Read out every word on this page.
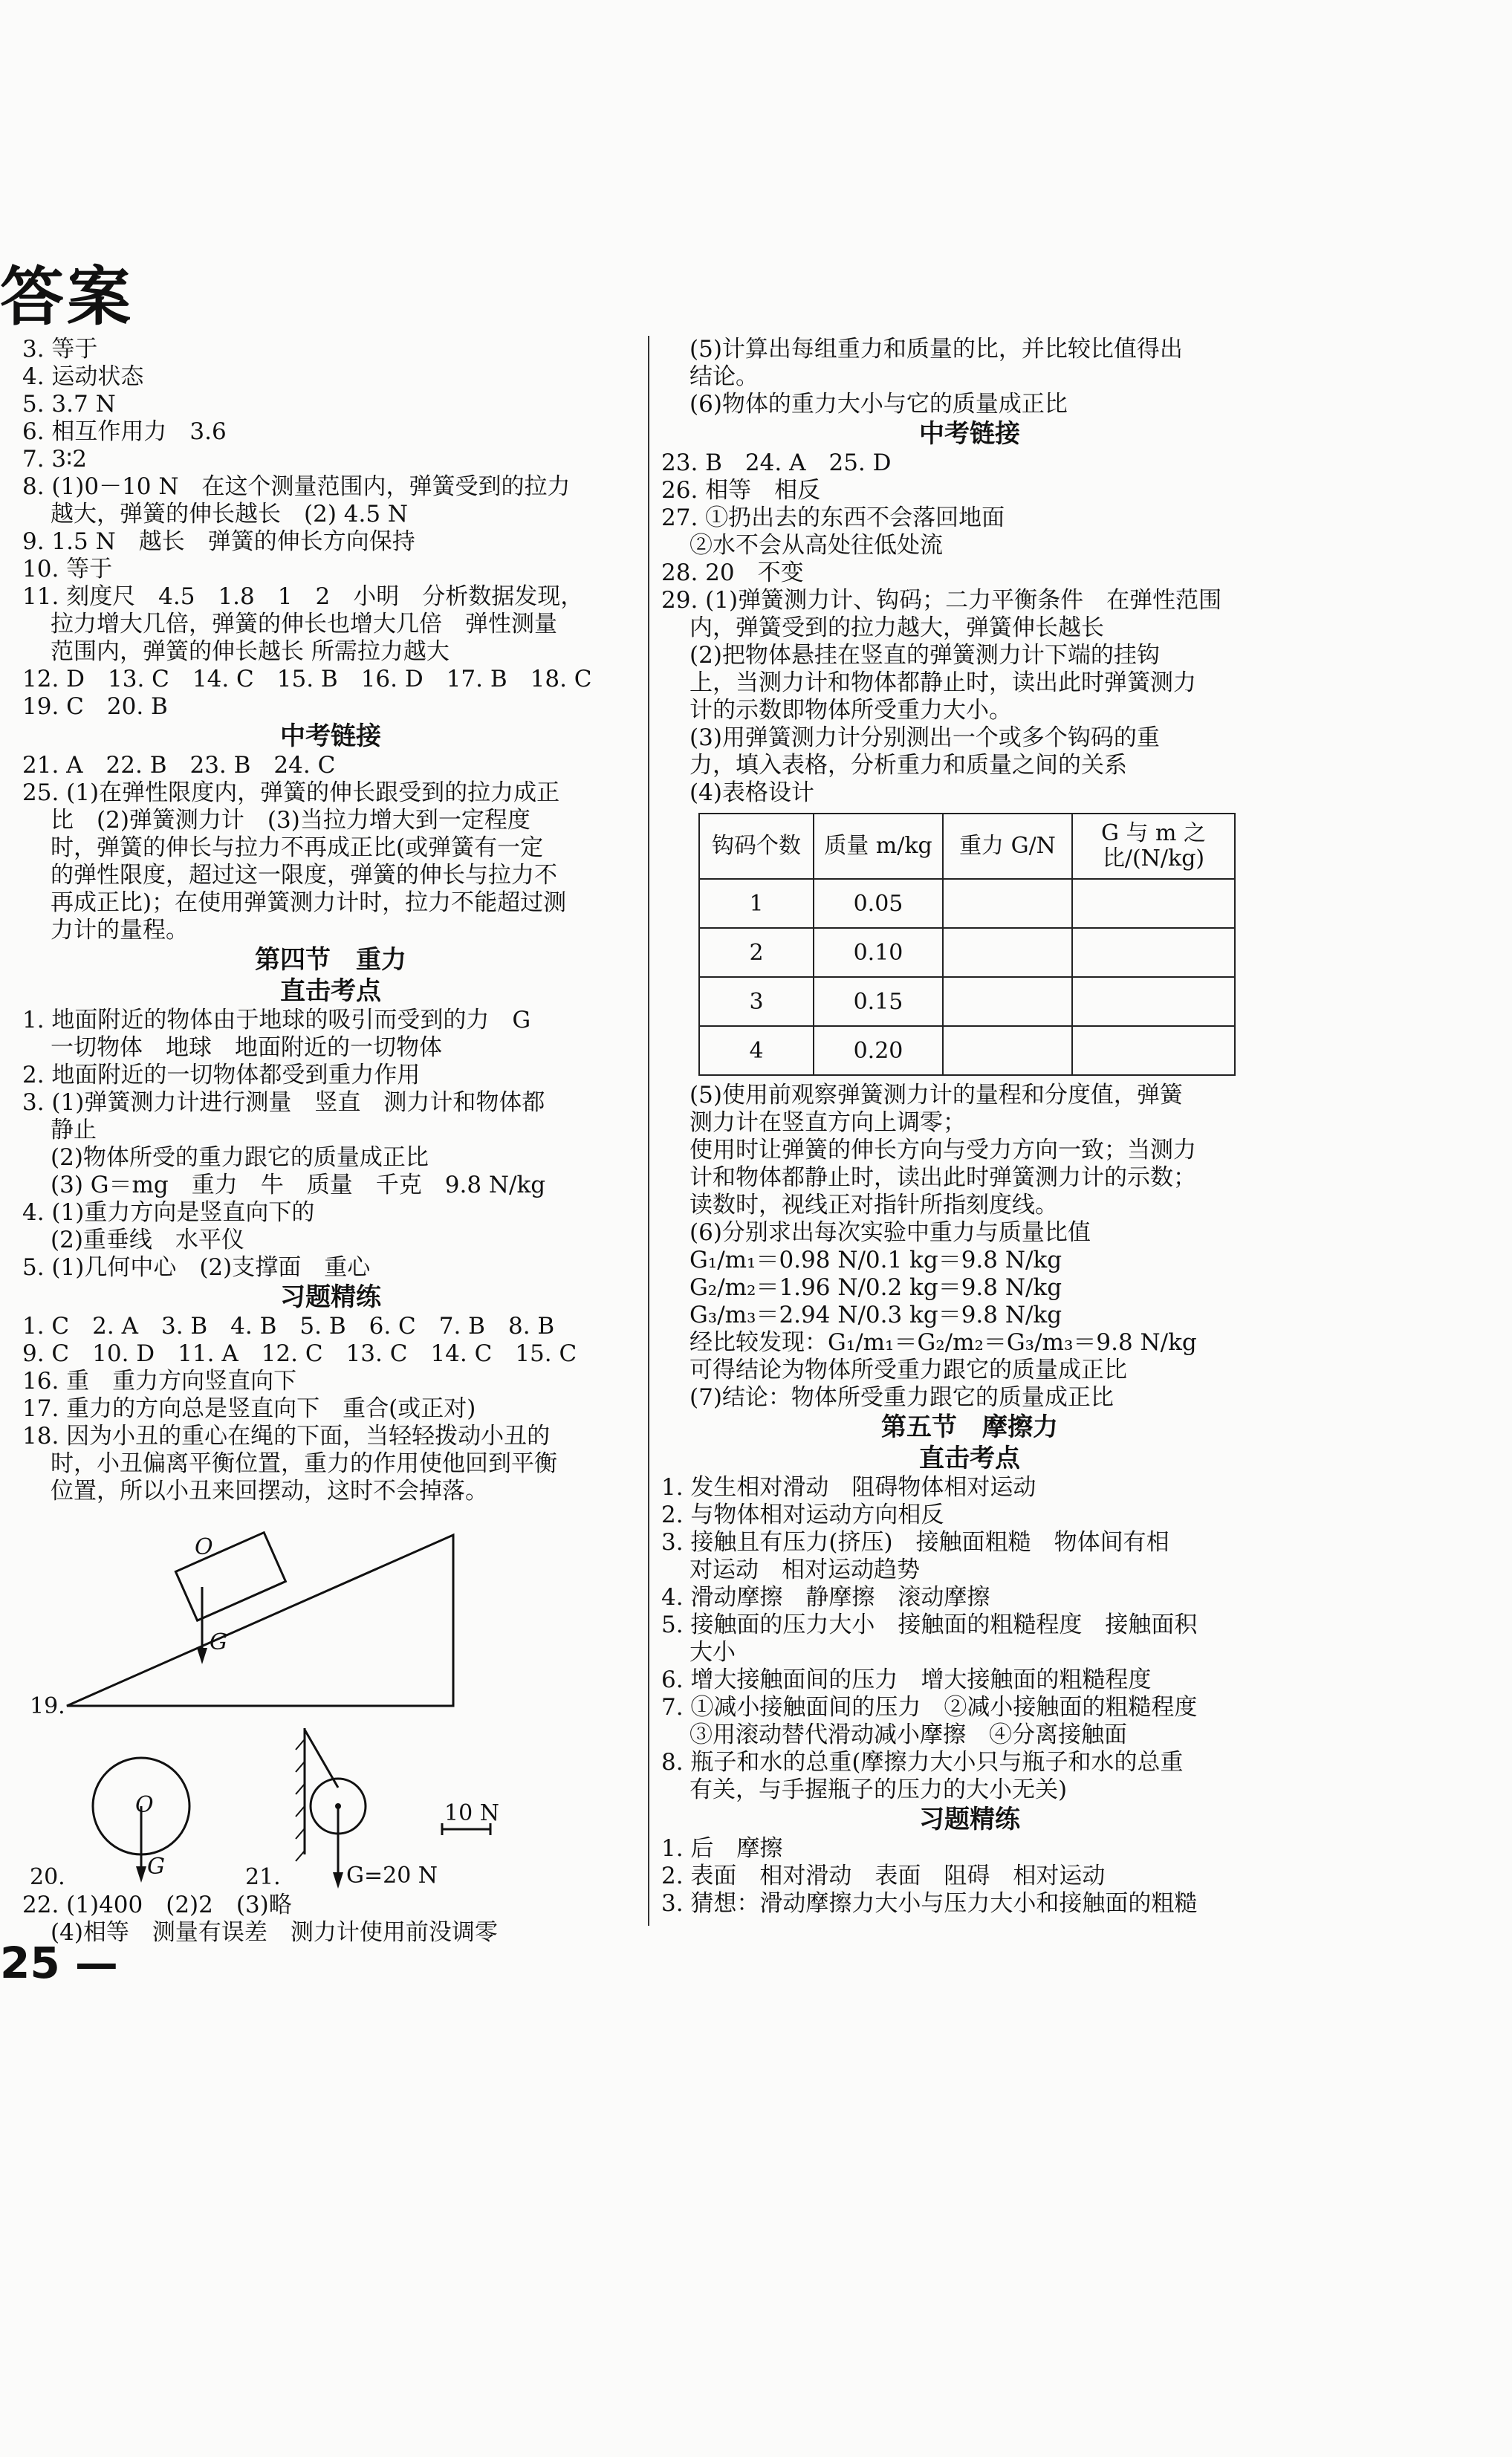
答案
3. 等于
4. 运动状态
5. 3.7 N
6. 相互作用力　3.6
7. 3∶2
8. (1)0－10 N　在这个测量范围内，弹簧受到的拉力
越大，弹簧的伸长越长　(2) 4.5 N
9. 1.5 N　越长　弹簧的伸长方向保持
10. 等于
11. 刻度尺　4.5　1.8　1　2　小明　分析数据发现，
拉力增大几倍，弹簧的伸长也增大几倍　弹性测量
范围内，弹簧的伸长越长 所需拉力越大
12. D　13. C　14. C　15. B　16. D　17. B　18. C
19. C　20. B
中考链接
21. A　22. B　23. B　24. C
25. (1)在弹性限度内，弹簧的伸长跟受到的拉力成正
比　(2)弹簧测力计　(3)当拉力增大到一定程度
时，弹簧的伸长与拉力不再成正比(或弹簧有一定
的弹性限度，超过这一限度，弹簧的伸长与拉力不
再成正比)；在使用弹簧测力计时，拉力不能超过测
力计的量程。
第四节　重力
直击考点
1. 地面附近的物体由于地球的吸引而受到的力　G
一切物体　地球　地面附近的一切物体
2. 地面附近的一切物体都受到重力作用
3. (1)弹簧测力计进行测量　竖直　测力计和物体都
静止
(2)物体所受的重力跟它的质量成正比
(3) G＝mg　重力　牛　质量　千克　9.8 N/kg
4. (1)重力方向是竖直向下的
(2)重垂线　水平仪
5. (1)几何中心　(2)支撑面　重心
习题精练
1. C　2. A　3. B　4. B　5. B　6. C　7. B　8. B
9. C　10. D　11. A　12. C　13. C　14. C　15. C
16. 重　重力方向竖直向下
17. 重力的方向总是竖直向下　重合(或正对)
18. 因为小丑的重心在绳的下面，当轻轻拨动小丑的
时，小丑偏离平衡位置，重力的作用使他回到平衡
位置，所以小丑来回摆动，这时不会掉落。
O
G
19.
O
G
20.	21.	G=20 N
10 N
22. (1)400　(2)2　(3)略
(4)相等　测量有误差　测力计使用前没调零
(5)计算出每组重力和质量的比，并比较比值得出
结论。
(6)物体的重力大小与它的质量成正比
中考链接
23. B　24. A　25. D
26. 相等　相反
27. ①扔出去的东西不会落回地面
②水不会从高处往低处流
28. 20　不变
29. (1)弹簧测力计、钩码；二力平衡条件　在弹性范围
内，弹簧受到的拉力越大，弹簧伸长越长
(2)把物体悬挂在竖直的弹簧测力计下端的挂钩
上，当测力计和物体都静止时，读出此时弹簧测力
计的示数即物体所受重力大小。
(3)用弹簧测力计分别测出一个或多个钩码的重
力，填入表格，分析重力和质量之间的关系
(4)表格设计
钩码个数	质量 m/kg	重力 G/N	G 与 m 之比/(N/kg)
1	0.05		
2	0.10		
3	0.15		
4	0.20		
(5)使用前观察弹簧测力计的量程和分度值，弹簧
测力计在竖直方向上调零；
使用时让弹簧的伸长方向与受力方向一致；当测力
计和物体都静止时，读出此时弹簧测力计的示数；
读数时，视线正对指针所指刻度线。
(6)分别求出每次实验中重力与质量比值
G₁/m₁＝0.98 N/0.1 kg＝9.8 N/kg
G₂/m₂＝1.96 N/0.2 kg＝9.8 N/kg
G₃/m₃＝2.94 N/0.3 kg＝9.8 N/kg
经比较发现：G₁/m₁＝G₂/m₂＝G₃/m₃＝9.8 N/kg
可得结论为物体所受重力跟它的质量成正比
(7)结论：物体所受重力跟它的质量成正比
第五节　摩擦力
直击考点
1. 发生相对滑动　阻碍物体相对运动
2. 与物体相对运动方向相反
3. 接触且有压力(挤压)　接触面粗糙　物体间有相
对运动　相对运动趋势
4. 滑动摩擦　静摩擦　滚动摩擦
5. 接触面的压力大小　接触面的粗糙程度　接触面积
大小
6. 增大接触面间的压力　增大接触面的粗糙程度
7. ①减小接触面间的压力　②减小接触面的粗糙程度
③用滚动替代滑动减小摩擦　④分离接触面
8. 瓶子和水的总重(摩擦力大小只与瓶子和水的总重
有关，与手握瓶子的压力的大小无关)
习题精练
1. 后　摩擦
2. 表面　相对滑动　表面　阻碍　相对运动
3. 猜想：滑动摩擦力大小与压力大小和接触面的粗糙
25 —
